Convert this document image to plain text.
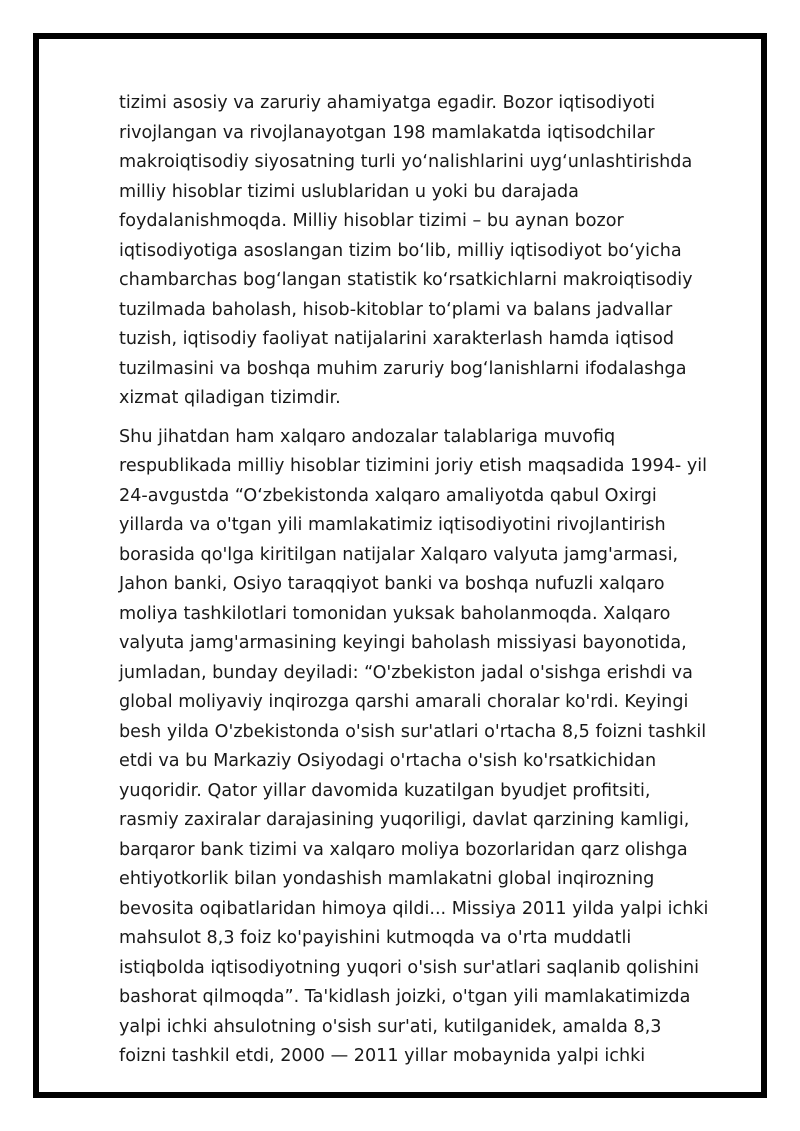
tizimi asosiy va zaruriy ahamiyatga egadir. Bozor iqtisodiyoti
rivojlangan va rivojlanayotgan 198 mamlakatda iqtisodchilar
makroiqtisodiy siyosatning turli yo‘nalishlarini uyg‘unlashtirishda
milliy hisoblar tizimi uslublaridan u yoki bu darajada
foydalanishmoqda. Milliy hisoblar tizimi – bu aynan bozor
iqtisodiyotiga asoslangan tizim bo‘lib, milliy iqtisodiyot bo‘yicha
chambarchas bog‘langan statistik ko‘rsatkichlarni makroiqtisodiy
tuzilmada baholash, hisob-kitoblar to‘plami va balans jadvallar
tuzish, iqtisodiy faoliyat natijalarini xarakterlash hamda iqtisod
tuzilmasini va boshqa muhim zaruriy bog‘lanishlarni ifodalashga
xizmat qiladigan tizimdir.

Shu jihatdan ham xalqaro andozalar talablariga muvofiq
respublikada milliy hisoblar tizimini joriy etish maqsadida 1994- yil
24-avgustda “O‘zbekistonda xalqaro amaliyotda qabul Oxirgi
yillarda va o'tgan yili mamlakatimiz iqtisodiyotini rivojlantirish
borasida qo'lga kiritilgan natijalar Xalqaro valyuta jamg'armasi,
Jahon banki, Osiyo taraqqiyot banki va boshqa nufuzli xalqaro
moliya tashkilotlari tomonidan yuksak baholanmoqda. Xalqaro
valyuta jamg'armasining keyingi baholash missiyasi bayonotida,
jumladan, bunday deyiladi: “O'zbekiston jadal o'sishga erishdi va
global moliyaviy inqirozga qarshi amarali choralar ko'rdi. Keyingi
besh yilda O'zbekistonda o'sish sur'atlari o'rtacha 8,5 foizni tashkil
etdi va bu Markaziy Osiyodagi o'rtacha o'sish ko'rsatkichidan
yuqoridir. Qator yillar davomida kuzatilgan byudjet profitsiti,
rasmiy zaxiralar darajasining yuqoriligi, davlat qarzining kamligi,
barqaror bank tizimi va xalqaro moliya bozorlaridan qarz olishga
ehtiyotkorlik bilan yondashish mamlakatni global inqirozning
bevosita oqibatlaridan himoya qildi... Missiya 2011 yilda yalpi ichki
mahsulot 8,3 foiz ko'payishini kutmoqda va o'rta muddatli
istiqbolda iqtisodiyotning yuqori o'sish sur'atlari saqlanib qolishini
bashorat qilmoqda”. Ta'kidlash joizki, o'tgan yili mamlakatimizda
yalpi ichki ahsulotning o'sish sur'ati, kutilganidek, amalda 8,3
foizni tashkil etdi, 2000 — 2011 yillar mobaynida yalpi ichki
